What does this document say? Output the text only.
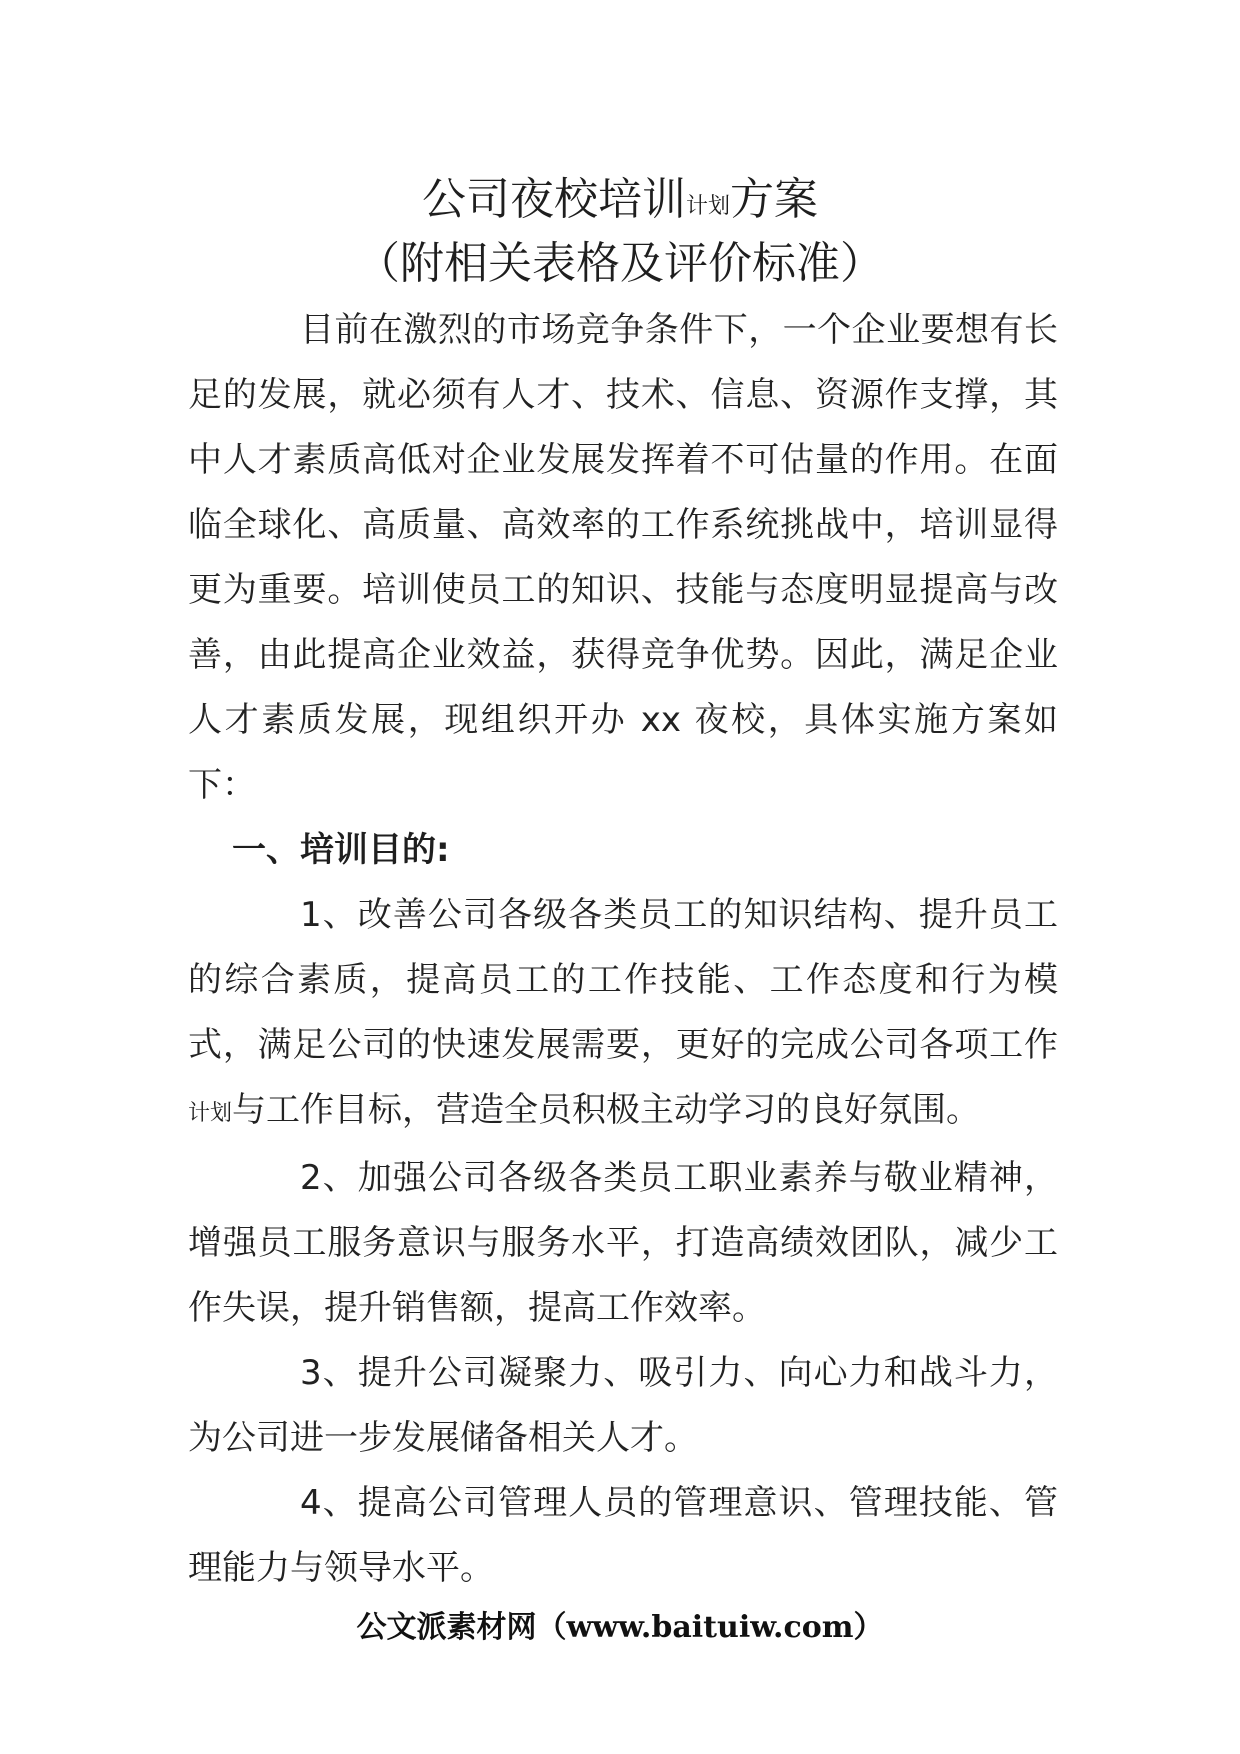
公司夜校培训计划方案
（附相关表格及评价标准）

目前在激烈的市场竞争条件下，一个企业要想有长足的发展，就必须有人才、技术、信息、资源作支撑，其中人才素质高低对企业发展发挥着不可估量的作用。在面临全球化、高质量、高效率的工作系统挑战中，培训显得更为重要。培训使员工的知识、技能与态度明显提高与改善，由此提高企业效益，获得竞争优势。因此，满足企业人才素质发展，现组织开办 xx 夜校，具体实施方案如下：

一、培训目的:

1、改善公司各级各类员工的知识结构、提升员工的综合素质，提高员工的工作技能、工作态度和行为模式，满足公司的快速发展需要，更好的完成公司各项工作计划与工作目标，营造全员积极主动学习的良好氛围。

2、加强公司各级各类员工职业素养与敬业精神，增强员工服务意识与服务水平，打造高绩效团队，减少工作失误，提升销售额，提高工作效率。

3、提升公司凝聚力、吸引力、向心力和战斗力，为公司进一步发展储备相关人才。

4、提高公司管理人员的管理意识、管理技能、管理能力与领导水平。

公文派素材网（www.baituiw.com）
